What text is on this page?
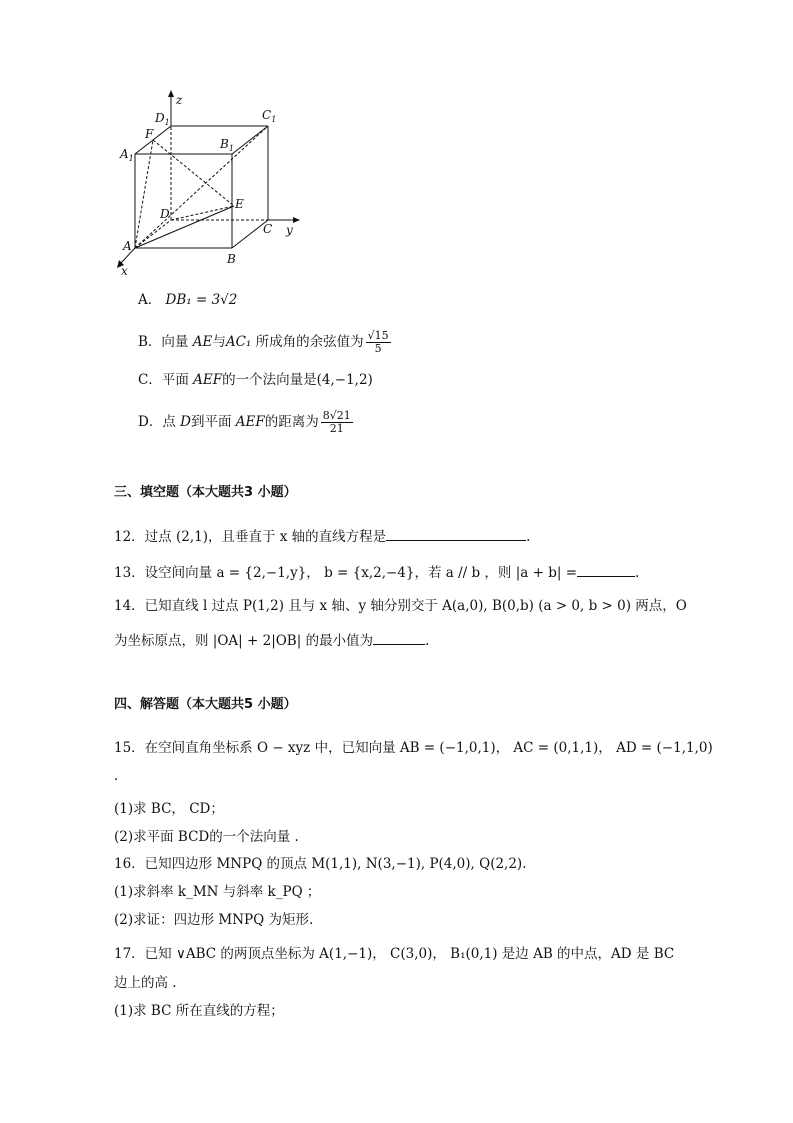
z
y
x
$D_1$
$C_1$
$A_1$
$B_1$
F
E
D
C
A
B
A． DB₁ = 3√2
B．向量 AE与AC₁ 所成角的余弦值为 $\frac{√15}{5}$
C．平面 AEF的一个法向量是(4,−1,2)
D．点 D到平面 AEF的距离为 $\frac{8√21}{21}$
三、填空题（本大题共3 小题）
12．过点 (2,1)，且垂直于 x 轴的直线方程是	.
13．设空间向量 a = {2,−1,y}， b = {x,2,−4}，若 a // b ，则 |a + b| =	.
14．已知直线 l 过点 P(1,2) 且与 x 轴、y 轴分别交于 A(a,0), B(0,b) (a > 0, b > 0) 两点，O
为坐标原点，则 |OA| + 2|OB| 的最小值为	.
四、解答题（本大题共5 小题）
15．在空间直角坐标系 O − xyz 中，已知向量 AB = (−1,0,1)， AC = (0,1,1)， AD = (−1,1,0)
.
(1)求 BC， CD；
(2)求平面 BCD的一个法向量 .
16．已知四边形 MNPQ 的顶点 M(1,1), N(3,−1), P(4,0), Q(2,2).
(1)求斜率 k_MN 与斜率 k_PQ ；
(2)求证：四边形 MNPQ 为矩形.
17．已知 ∨ABC 的两顶点坐标为 A(1,−1)， C(3,0)， B₁(0,1) 是边 AB 的中点，AD 是 BC
边上的高 .
(1)求 BC 所在直线的方程；
